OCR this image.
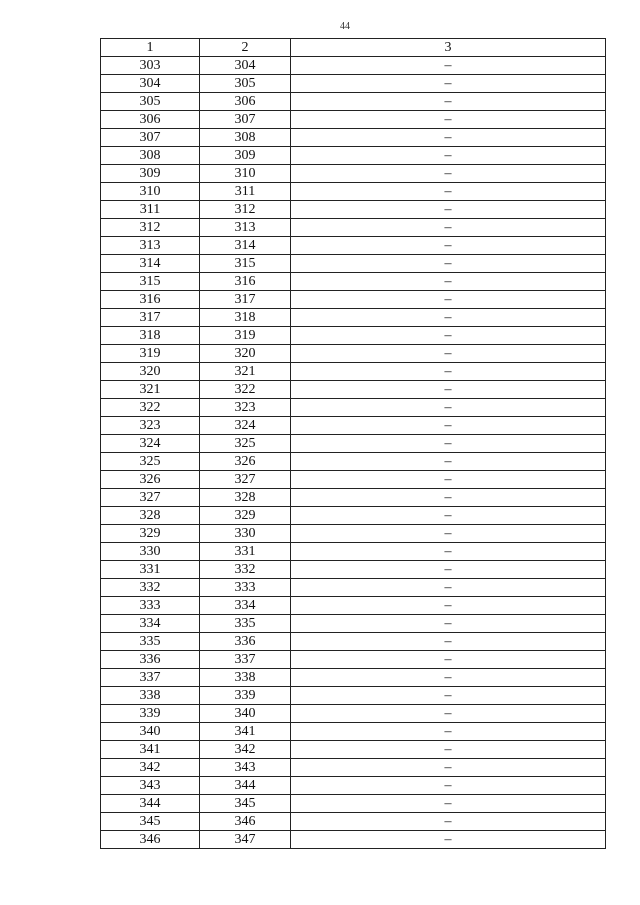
44
1	2	3
303	304	–
304	305	–
305	306	–
306	307	–
307	308	–
308	309	–
309	310	–
310	311	–
311	312	–
312	313	–
313	314	–
314	315	–
315	316	–
316	317	–
317	318	–
318	319	–
319	320	–
320	321	–
321	322	–
322	323	–
323	324	–
324	325	–
325	326	–
326	327	–
327	328	–
328	329	–
329	330	–
330	331	–
331	332	–
332	333	–
333	334	–
334	335	–
335	336	–
336	337	–
337	338	–
338	339	–
339	340	–
340	341	–
341	342	–
342	343	–
343	344	–
344	345	–
345	346	–
346	347	–
